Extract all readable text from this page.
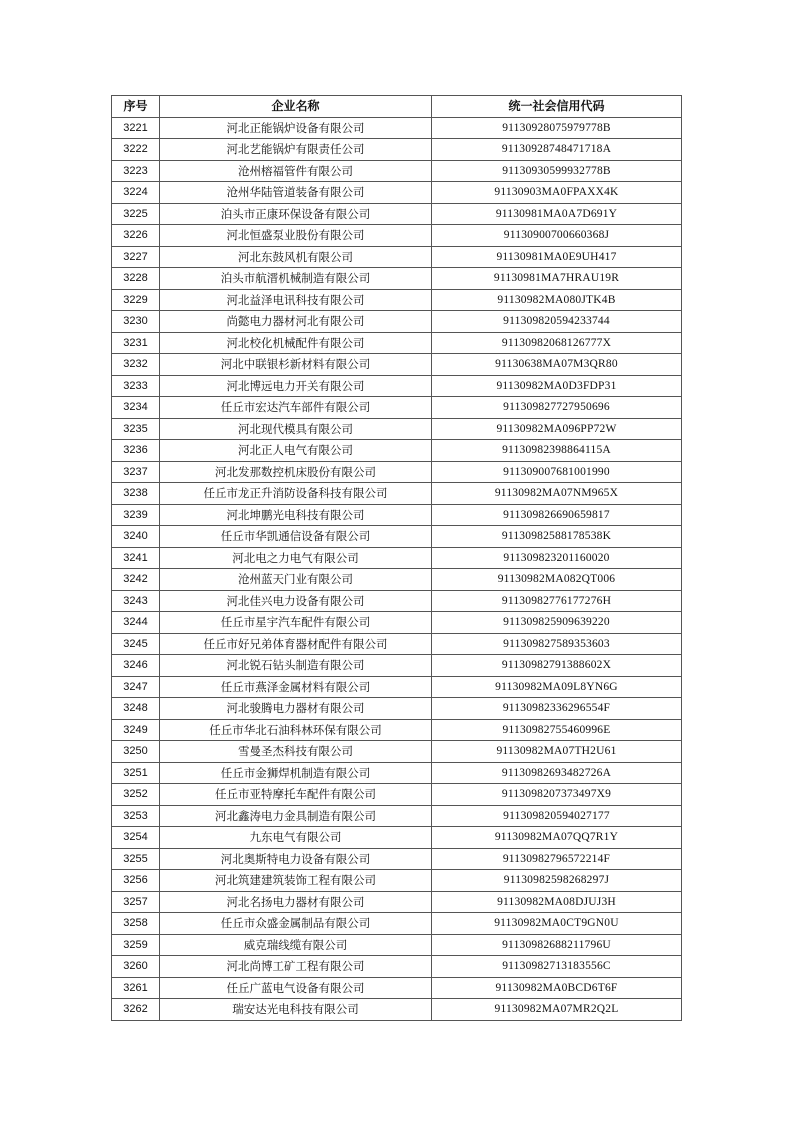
序号	企业名称	统一社会信用代码
3221	河北正能锅炉设备有限公司	91130928075979778B
3222	河北艺能锅炉有限责任公司	91130928748471718A
3223	沧州榕福管件有限公司	91130930599932778B
3224	沧州华陆管道装备有限公司	91130903MA0FPAXX4K
3225	泊头市正康环保设备有限公司	91130981MA0A7D691Y
3226	河北恒盛泵业股份有限公司	91130900700660368J
3227	河北东鼓风机有限公司	91130981MA0E9UH417
3228	泊头市航溍机械制造有限公司	91130981MA7HRAU19R
3229	河北益泽电讯科技有限公司	91130982MA080JTK4B
3230	尚懿电力器材河北有限公司	911309820594233744
3231	河北校化机械配件有限公司	91130982068126777X
3232	河北中联银杉新材料有限公司	91130638MA07M3QR80
3233	河北博远电力开关有限公司	91130982MA0D3FDP31
3234	任丘市宏达汽车部件有限公司	911309827727950696
3235	河北现代模具有限公司	91130982MA096PP72W
3236	河北正人电气有限公司	91130982398864115A
3237	河北发那数控机床股份有限公司	911309007681001990
3238	任丘市龙正升消防设备科技有限公司	91130982MA07NM965X
3239	河北坤鹏光电科技有限公司	911309826690659817
3240	任丘市华凯通信设备有限公司	91130982588178538K
3241	河北电之力电气有限公司	911309823201160020
3242	沧州蓝天门业有限公司	91130982MA082QT006
3243	河北佳兴电力设备有限公司	91130982776177276H
3244	任丘市星宇汽车配件有限公司	911309825909639220
3245	任丘市好兄弟体育器材配件有限公司	911309827589353603
3246	河北锐石钻头制造有限公司	91130982791388602X
3247	任丘市燕泽金属材料有限公司	91130982MA09L8YN6G
3248	河北骏腾电力器材有限公司	91130982336296554F
3249	任丘市华北石油科林环保有限公司	91130982755460996E
3250	雪曼圣杰科技有限公司	91130982MA07TH2U61
3251	任丘市金狮焊机制造有限公司	91130982693482726A
3252	任丘市亚特摩托车配件有限公司	9113098207373497X9
3253	河北鑫涛电力金具制造有限公司	911309820594027177
3254	九东电气有限公司	91130982MA07QQ7R1Y
3255	河北奥斯特电力设备有限公司	91130982796572214F
3256	河北筑建建筑装饰工程有限公司	91130982598268297J
3257	河北名扬电力器材有限公司	91130982MA08DJUJ3H
3258	任丘市众盛金属制品有限公司	91130982MA0CT9GN0U
3259	威克瑞线缆有限公司	91130982688211796U
3260	河北尚博工矿工程有限公司	91130982713183556C
3261	任丘广蓝电气设备有限公司	91130982MA0BCD6T6F
3262	瑞安达光电科技有限公司	91130982MA07MR2Q2L
